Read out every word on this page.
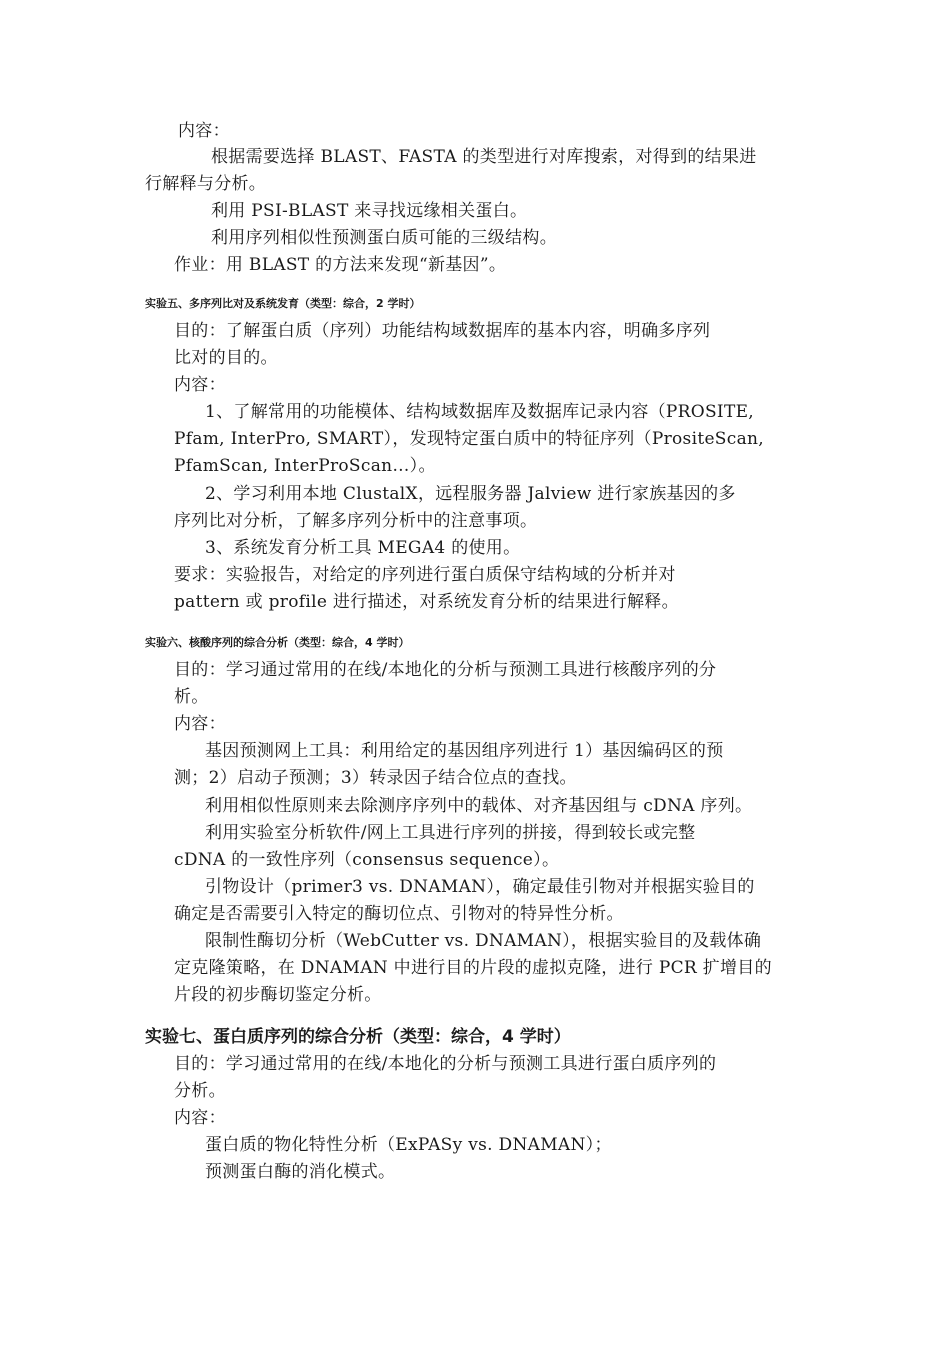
内容：
根据需要选择 BLAST、FASTA 的类型进行对库搜索，对得到的结果进
行解释与分析。
利用 PSI-BLAST 来寻找远缘相关蛋白。
利用序列相似性预测蛋白质可能的三级结构。
作业：用 BLAST 的方法来发现“新基因”。
实验五、多序列比对及系统发育（类型：综合，2 学时）
目的：了解蛋白质（序列）功能结构域数据库的基本内容，明确多序列
比对的目的。
内容：
1、了解常用的功能模体、结构域数据库及数据库记录内容（PROSITE,
Pfam, InterPro, SMART），发现特定蛋白质中的特征序列（PrositeScan,
PfamScan, InterProScan…）。
2、学习利用本地 ClustalX，远程服务器 Jalview 进行家族基因的多
序列比对分析，了解多序列分析中的注意事项。
3、系统发育分析工具 MEGA4 的使用。
要求：实验报告，对给定的序列进行蛋白质保守结构域的分析并对
pattern 或 profile 进行描述，对系统发育分析的结果进行解释。
实验六、核酸序列的综合分析（类型：综合，4 学时）
目的：学习通过常用的在线/本地化的分析与预测工具进行核酸序列的分
析。
内容：
基因预测网上工具：利用给定的基因组序列进行 1）基因编码区的预
测；2）启动子预测；3）转录因子结合位点的查找。
利用相似性原则来去除测序序列中的载体、对齐基因组与 cDNA 序列。
利用实验室分析软件/网上工具进行序列的拼接，得到较长或完整
cDNA 的一致性序列（consensus sequence）。
引物设计（primer3 vs. DNAMAN），确定最佳引物对并根据实验目的
确定是否需要引入特定的酶切位点、引物对的特异性分析。
限制性酶切分析（WebCutter vs. DNAMAN），根据实验目的及载体确
定克隆策略，在 DNAMAN 中进行目的片段的虚拟克隆，进行 PCR 扩增目的
片段的初步酶切鉴定分析。
实验七、蛋白质序列的综合分析（类型：综合，4 学时）
目的：学习通过常用的在线/本地化的分析与预测工具进行蛋白质序列的
分析。
内容：
蛋白质的物化特性分析（ExPASy vs. DNAMAN）；
预测蛋白酶的消化模式。
